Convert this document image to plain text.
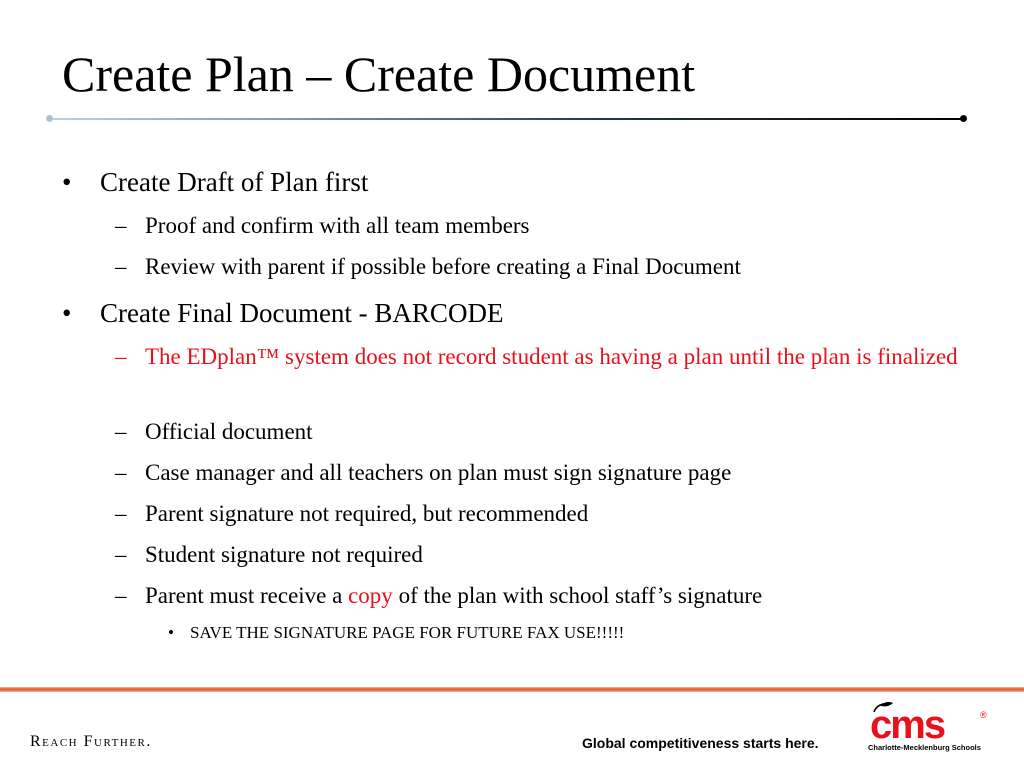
Create Plan – Create Document
• Create Draft of Plan first
– Proof and confirm with all team members
– Review with parent if possible before creating a Final Document
• Create Final Document - BARCODE
– The EDplan™ system does not record student as having a plan until the plan is finalized
– Official document
– Case manager and all teachers on plan must sign signature page
– Parent signature not required, but recommended
– Student signature not required
– Parent must receive a copy of the plan with school staff’s signature
• SAVE THE SIGNATURE PAGE FOR FUTURE FAX USE!!!!!
Reach Further.	Global competitiveness starts here. cms	®
Charlotte-Mecklenburg Schools
